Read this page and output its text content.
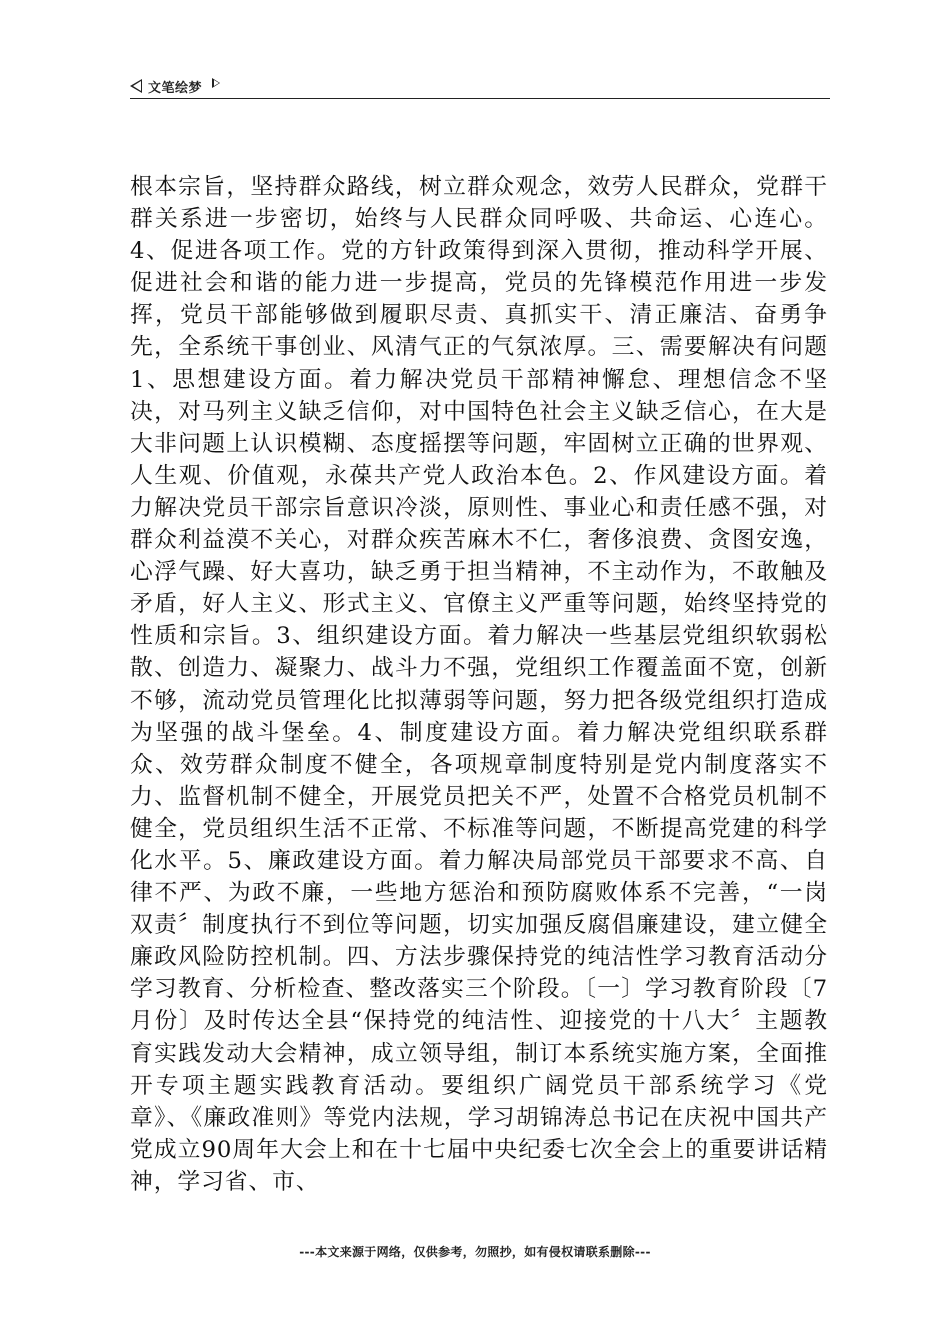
文笔绘梦

根本宗旨，坚持群众路线，树立群众观念，效劳人民群众，党群干群关系进一步密切，始终与人民群众同呼吸、共命运、心连心。4、促进各项工作。党的方针政策得到深入贯彻，推动科学开展、促进社会和谐的能力进一步提高，党员的先锋模范作用进一步发挥，党员干部能够做到履职尽责、真抓实干、清正廉洁、奋勇争先，全系统干事创业、风清气正的气氛浓厚。三、需要解决有问题1、思想建设方面。着力解决党员干部精神懈怠、理想信念不坚决，对马列主义缺乏信仰，对中国特色社会主义缺乏信心，在大是大非问题上认识模糊、态度摇摆等问题，牢固树立正确的世界观、人生观、价值观，永葆共产党人政治本色。2、作风建设方面。着力解决党员干部宗旨意识冷淡，原则性、事业心和责任感不强，对群众利益漠不关心，对群众疾苦麻木不仁，奢侈浪费、贪图安逸，心浮气躁、好大喜功，缺乏勇于担当精神，不主动作为，不敢触及矛盾，好人主义、形式主义、官僚主义严重等问题，始终坚持党的性质和宗旨。3、组织建设方面。着力解决一些基层党组织软弱松散、创造力、凝聚力、战斗力不强，党组织工作覆盖面不宽，创新不够，流动党员管理化比拟薄弱等问题，努力把各级党组织打造成为坚强的战斗堡垒。4、制度建设方面。着力解决党组织联系群众、效劳群众制度不健全，各项规章制度特别是党内制度落实不力、监督机制不健全，开展党员把关不严，处置不合格党员机制不健全，党员组织生活不正常、不标准等问题，不断提高党建的科学化水平。5、廉政建设方面。着力解决局部党员干部要求不高、自律不严、为政不廉，一些地方惩治和预防腐败体系不完善，“一岗双责〞制度执行不到位等问题，切实加强反腐倡廉建设，建立健全廉政风险防控机制。四、方法步骤保持党的纯洁性学习教育活动分学习教育、分析检查、整改落实三个阶段。〔一〕学习教育阶段〔7月份〕及时传达全县“保持党的纯洁性、迎接党的十八大〞主题教育实践发动大会精神，成立领导组，制订本系统实施方案，全面推开专项主题实践教育活动。要组织广阔党员干部系统学习《党章》、《廉政准则》等党内法规，学习胡锦涛总书记在庆祝中国共产党成立90周年大会上和在十七届中央纪委七次全会上的重要讲话精神，学习省、市、

---本文来源于网络，仅供参考，勿照抄，如有侵权请联系删除---
